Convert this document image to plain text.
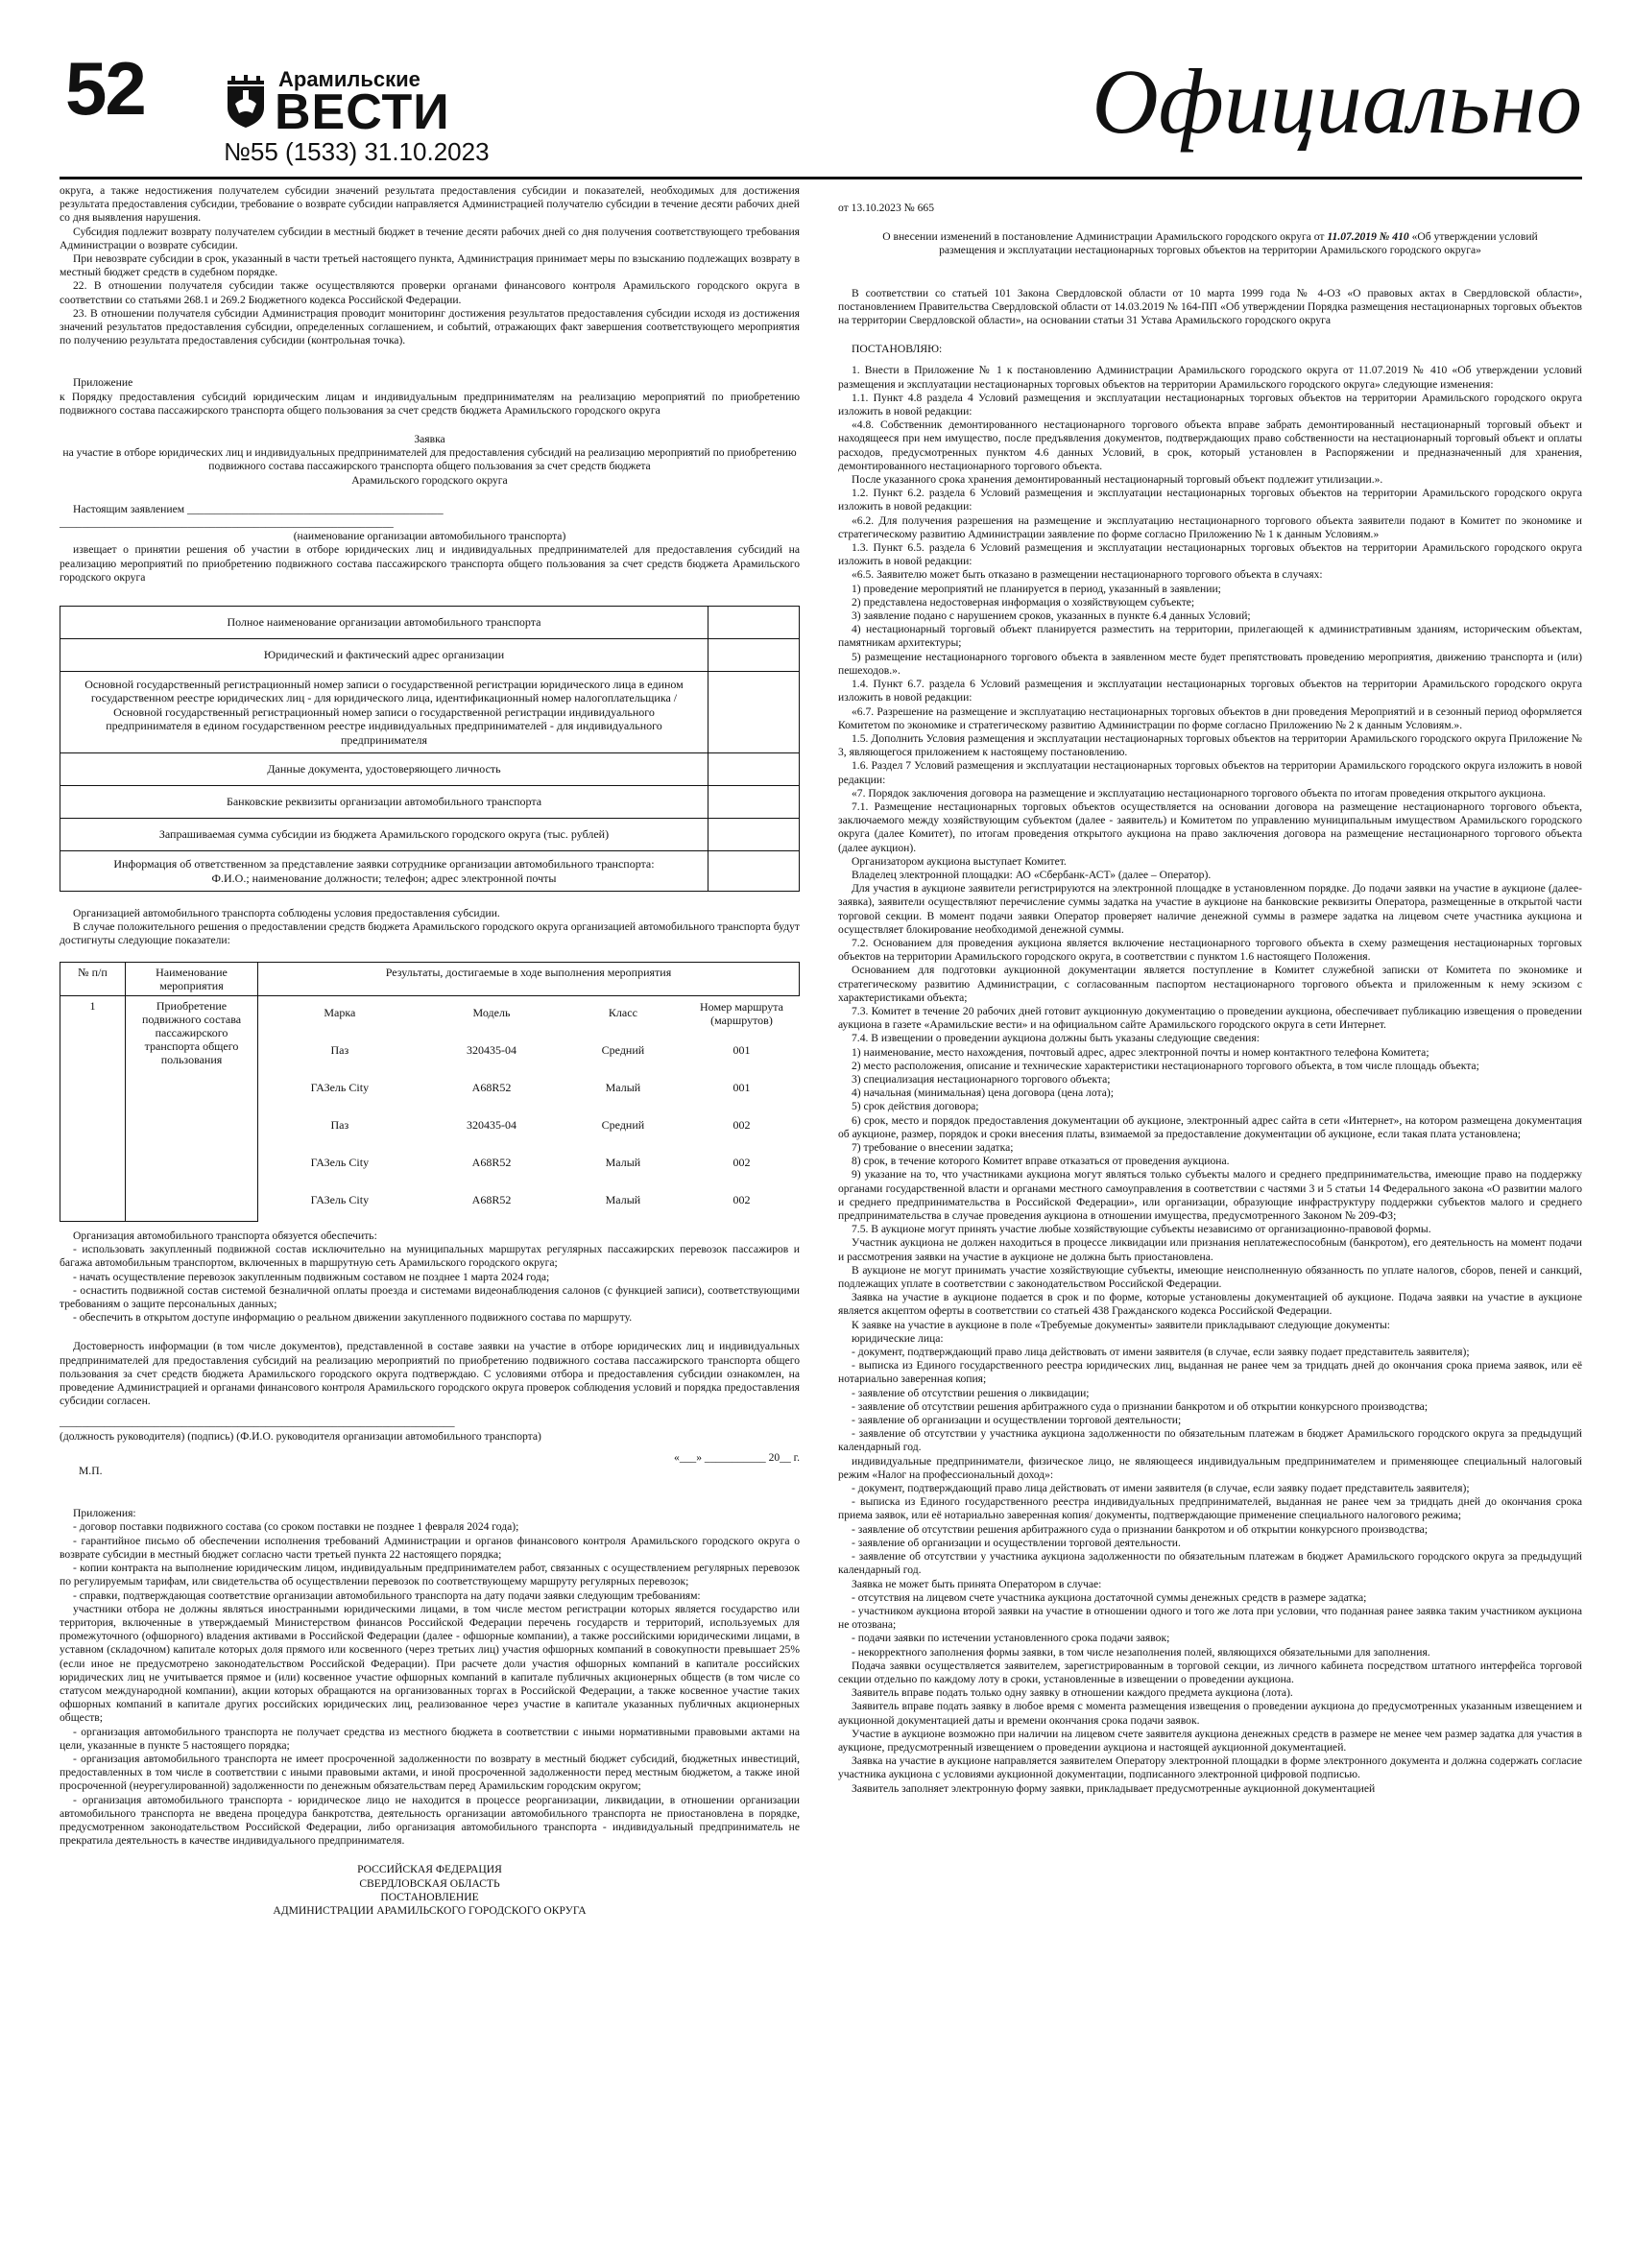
52	Арамильские
ВЕСТИ
№55 (1533) 31.10.2023	Официально

округа, а также недостижения получателем субсидии значений результата предоставления субсидии и показателей, необходимых для достижения результата предоставления субсидии, требование о возврате субсидии направляется Администрацией получателю субсидии в течение десяти рабочих дней со дня выявления нарушения.

Субсидия подлежит возврату получателем субсидии в местный бюджет в течение десяти рабочих дней со дня получения соответствующего требования Администрации о возврате субсидии.

При невозврате субсидии в срок, указанный в части третьей настоящего пункта, Администрация принимает меры по взысканию подлежащих возврату в местный бюджет средств в судебном порядке.

22. В отношении получателя субсидии также осуществляются проверки органами финансового контроля Арамильского городского округа в соответствии со статьями 268.1 и 269.2 Бюджетного кодекса Российской Федерации.

23. В отношении получателя субсидии Администрация проводит мониторинг достижения результатов предоставления субсидии исходя из достижения значений результатов предоставления субсидии, определенных соглашением, и событий, отражающих факт завершения соответствующего мероприятия по получению результата предоставления субсидии (контрольная точка).

Приложение
к Порядку предоставления субсидий юридическим лицам и индивидуальным предпринимателям на реализацию мероприятий по приобретению подвижного состава пассажирского транспорта общего пользования за счет средств бюджета Арамильского городского округа

Заявка

на участие в отборе юридических лиц и индивидуальных предпринимателей для предоставления субсидий на реализацию мероприятий по приобретению подвижного состава пассажирского транспорта общего пользования за счет средств бюджета
Арамильского городского округа

Настоящим заявлением ______________________________________________

____________________________________________________________

(наименование организации автомобильного транспорта)

извещает о принятии решения об участии в отборе юридических лиц и индивидуальных предпринимателей для предоставления субсидий на реализацию мероприятий по приобретению подвижного состава пассажирского транспорта общего пользования за счет средств бюджета Арамильского городского округа

Полное наименование организации автомобильного транспорта	
Юридический и фактический адрес организации	
Основной государственный регистрационный номер записи о государственной регистрации юридического лица в едином государственном реестре юридических лиц - для юридического лица, идентификационный номер налогоплательщика / Основной государственный регистрационный номер записи о государственной регистрации индивидуального предпринимателя в едином государственном реестре индивидуальных предпринимателей - для индивидуального предпринимателя	
Данные документа, удостоверяющего личность	
Банковские реквизиты организации автомобильного транспорта	
Запрашиваемая сумма субсидии из бюджета Арамильского городского округа (тыс. рублей)	
Информация об ответственном за представление заявки сотруднике организации автомобильного транспорта:
Ф.И.О.; наименование должности; телефон; адрес электронной почты	

Организацией автомобильного транспорта соблюдены условия предоставления субсидии.

В случае положительного решения о предоставлении средств бюджета Арамильского городского округа организацией автомобильного транспорта будут достигнуты следующие показатели:

№ п/п	Наименование мероприятия	Результаты, достигаемые в ходе выполнения мероприятия			
1	Приобретение подвижного состава пассажирского транспорта общего пользования	Марка	Модель	Класс	Номер маршрута (маршрутов)
		Паз	320435-04	Средний	001
		ГАЗель City	A68R52	Малый	001
		Паз	320435-04	Средний	002
		ГАЗель City	A68R52	Малый	002
		ГАЗель City	A68R52	Малый	002

Организация автомобильного транспорта обязуется обеспечить:

- использовать закупленный подвижной состав исключительно на муниципальных маршрутах регулярных пассажирских перевозок пассажиров и багажа автомобильным транспортом, включенных в maршрутную сеть Арамильского городского округа;

- начать осуществление перевозок закупленным подвижным составом не позднее 1 марта 2024 года;

- оснастить подвижной состав системой безналичной оплаты проезда и системами видеонаблюдения салонов (с функцией записи), соответствующими требованиям о защите персональных данных;

- обеспечить в открытом доступе информацию о реальном движении закупленного подвижного состава по маршруту.

Достоверность информации (в том числе документов), представленной в составе заявки на участие в отборе юридических лиц и индивидуальных предпринимателей для предоставления субсидий на реализацию мероприятий по приобретению подвижного состава пассажирского транспорта общего пользования за счет средств бюджета Арамильского городского округа подтверждаю. С условиями отбора и предоставления субсидии ознакомлен, на проведение Администрацией и органами финансового контроля Арамильского городского округа проверок соблюдения условий и порядка предоставления субсидии согласен.

_______________________________________________________________________

(должность руководителя) (подпись) (Ф.И.О. руководителя организации автомобильного транспорта)

«___» ___________ 20__ г.

М.П.

Приложения:

- договор поставки подвижного состава (со сроком поставки не позднее 1 февраля 2024 года);

- гарантийное письмо об обеспечении исполнения требований Администрации и органов финансового контроля Арамильского городского округа о возврате субсидии в местный бюджет согласно части третьей пункта 22 настоящего порядка;

- копии контракта на выполнение юридическим лицом, индивидуальным предпринимателем работ, связанных с осуществлением регулярных перевозок по регулируемым тарифам, или свидетельства об осуществлении перевозок по соответствующему маршруту регулярных перевозок;

- справки, подтверждающая соответствие организации автомобильного транспорта на дату подачи заявки следующим требованиям:

участники отбора не должны являться иностранными юридическими лицами, в том числе местом регистрации которых является государство или территория, включенные в утверждаемый Министерством финансов Российской Федерации перечень государств и территорий, используемых для промежуточного (офшорного) владения активами в Российской Федерации (далее - офшорные компании), а также российскими юридическими лицами, в уставном (складочном) капитале которых доля прямого или косвенного (через третьих лиц) участия офшорных компаний в совокупности превышает 25% (если иное не предусмотрено законодательством Российской Федерации). При расчете доли участия офшорных компаний в капитале российских юридических лиц не учитывается прямое и (или) косвенное участие офшорных компаний в капитале публичных акционерных обществ (в том числе со статусом международной компании), акции которых обращаются на организованных торгах в Российской Федерации, а также косвенное участие таких офшорных компаний в капитале других российских юридических лиц, реализованное через участие в капитале указанных публичных акционерных обществ;

- организация автомобильного транспорта не получает средства из местного бюджета в соответствии с иными нормативными правовыми актами на цели, указанные в пункте 5 настоящего порядка;

- организация автомобильного транспорта не имеет просроченной задолженности по возврату в местный бюджет субсидий, бюджетных инвестиций, предоставленных в том числе в соответствии с иными правовыми актами, и иной просроченной задолженности перед местным бюджетом, а также иной просроченной (неурегулированной) задолженности по денежным обязательствам перед Арамильским городским округом;

- организация автомобильного транспорта - юридическое лицо не находится в процессе реорганизации, ликвидации, в отношении организации автомобильного транспорта не введена процедура банкротства, деятельность организации автомобильного транспорта не приостановлена в порядке, предусмотренном законодательством Российской Федерации, либо организация автомобильного транспорта - индивидуальный предприниматель не прекратила деятельность в качестве индивидуального предпринимателя.

РОССИЙСКАЯ ФЕДЕРАЦИЯ

СВЕРДЛОВСКАЯ ОБЛАСТЬ

ПОСТАНОВЛЕНИЕ

АДМИНИСТРАЦИИ АРАМИЛЬСКОГО ГОРОДСКОГО ОКРУГА

от 13.10.2023 № 665

О внесении изменений в постановление Администрации Арамильского городского округа от 11.07.2019 № 410 «Об утверждении условий размещения и эксплуатации нестационарных торговых объектов на территории Арамильского городского округа»

В соответствии со статьей 101 Закона Свердловской области от 10 марта 1999 года № 4-ОЗ «О правовых актах в Свердловской области», постановлением Правительства Свердловской области от 14.03.2019 № 164-ПП «Об утверждении Порядка размещения нестационарных торговых объектов на территории Свердловской области», на основании статьи 31 Устава Арамильского городского округа

ПОСТАНОВЛЯЮ:

1. Внести в Приложение № 1 к постановлению Администрации Арамильского городского округа от 11.07.2019 № 410 «Об утверждении условий размещения и эксплуатации нестационарных торговых объектов на территории Арамильского городского округа» следующие изменения:

1.1. Пункт 4.8 раздела 4 Условий размещения и эксплуатации нестационарных торговых объектов на территории Арамильского городского округа изложить в новой редакции:

«4.8. Собственник демонтированного нестационарного торгового объекта вправе забрать демонтированный нестационарный торговый объект и находящееся при нем имущество, после предъявления документов, подтверждающих право собственности на нестационарный торговый объект и оплаты расходов, предусмотренных пунктом 4.6 данных Условий, в срок, который установлен в Распоряжении и предназначенный для хранения, демонтированного нестационарного торгового объекта.

После указанного срока хранения демонтированный нестационарный торговый объект подлежит утилизации.».

1.2. Пункт 6.2. раздела 6 Условий размещения и эксплуатации нестационарных торговых объектов на территории Арамильского городского округа изложить в новой редакции:

«6.2. Для получения разрешения на размещение и эксплуатацию нестационарного торгового объекта заявители подают в Комитет по экономике и стратегическому развитию Администрации заявление по форме согласно Приложению № 1 к данным Условиям.»

1.3. Пункт 6.5. раздела 6 Условий размещения и эксплуатации нестационарных торговых объектов на территории Арамильского городского округа изложить в новой редакции:

«6.5. Заявителю может быть отказано в размещении нестационарного торгового объекта в случаях:

1) проведение мероприятий не планируется в период, указанный в заявлении;

2) представлена недостоверная информация о хозяйствующем субъекте;

3) заявление подано с нарушением сроков, указанных в пункте 6.4 данных Условий;

4) нестационарный торговый объект планируется разместить на территории, прилегающей к административным зданиям, историческим объектам, памятникам архитектуры;

5) размещение нестационарного торгового объекта в заявленном месте будет препятствовать проведению мероприятия, движению транспорта и (или) пешеходов.».

1.4. Пункт 6.7. раздела 6 Условий размещения и эксплуатации нестационарных торговых объектов на территории Арамильского городского округа изложить в новой редакции:

«6.7. Разрешение на размещение и эксплуатацию нестационарных торговых объектов в дни проведения Мероприятий и в сезонный период оформляется Комитетом по экономике и стратегическому развитию Администрации по форме согласно Приложению № 2 к данным Условиям.».

1.5. Дополнить Условия размещения и эксплуатации нестационарных торговых объектов на территории Арамильского городского округа Приложение № 3, являющегося приложением к настоящему постановлению.

1.6. Раздел 7 Условий размещения и эксплуатации нестационарных торговых объектов на территории Арамильского городского округа изложить в новой редакции:

«7. Порядок заключения договора на размещение и эксплуатацию нестационарного торгового объекта по итогам проведения открытого аукциона.

7.1. Размещение нестационарных торговых объектов осуществляется на основании договора на размещение нестационарного торгового объекта, заключаемого между хозяйствующим субъектом (далее - заявитель) и Комитетом по управлению муниципальным имуществом Арамильского городского округа (далее Комитет), по итогам проведения открытого аукциона на право заключения договора на размещение нестационарного торгового объекта (далее аукцион).

Организатором аукциона выступает Комитет.

Владелец электронной площадки: АО «Сбербанк-АСТ» (далее – Оператор).

Для участия в аукционе заявители регистрируются на электронной площадке в установленном порядке. До подачи заявки на участие в аукционе (далее-заявка), заявители осуществляют перечисление суммы задатка на участие в аукционе на банковские реквизиты Оператора, размещенные в открытой части торговой секции. В момент подачи заявки Оператор проверяет наличие денежной суммы в размере задатка на лицевом счете участника аукциона и осуществляет блокирование необходимой денежной суммы.

7.2. Основанием для проведения аукциона является включение нестационарного торгового объекта в схему размещения нестационарных торговых объектов на территории Арамильского городского округа, в соответствии с пунктом 1.6 настоящего Положения.

Основанием для подготовки аукционной документации является поступление в Комитет служебной записки от Комитета по экономике и стратегическому развитию Администрации, с согласованным паспортом нестационарного торгового объекта и приложенным к нему эскизом с характеристиками объекта;

7.3. Комитет в течение 20 рабочих дней готовит аукционную документацию о проведении аукциона, обеспечивает публикацию извещения о проведении аукциона в газете «Арамильские вести» и на официальном сайте Арамильского городского округа в сети Интернет.

7.4. В извещении о проведении аукциона должны быть указаны следующие сведения:

1) наименование, место нахождения, почтовый адрес, адрес электронной почты и номер контактного телефона Комитета;

2) место расположения, описание и технические характеристики нестационарного торгового объекта, в том числе площадь объекта;

3) специализация нестационарного торгового объекта;

4) начальная (минимальная) цена договора (цена лота);

5) срок действия договора;

6) срок, место и порядок предоставления документации об аукционе, электронный адрес сайта в сети «Интернет», на котором размещена документация об аукционе, размер, порядок и сроки внесения платы, взимаемой за предоставление документации об аукционе, если такая плата установлена;

7) требование о внесении задатка;

8) срок, в течение которого Комитет вправе отказаться от проведения аукциона.

9) указание на то, что участниками аукциона могут являться только субъекты малого и среднего предпринимательства, имеющие право на поддержку органами государственной власти и органами местного самоуправления в соответствии с частями 3 и 5 статьи 14 Федерального закона «О развитии малого и среднего предпринимательства в Российской Федерации», или организации, образующие инфраструктуру поддержки субъектов малого и среднего предпринимательства в случае проведения аукциона в отношении имущества, предусмотренного Законом № 209-ФЗ;

7.5. В аукционе могут принять участие любые хозяйствующие субъекты независимо от организационно-правовой формы.

Участник аукциона не должен находиться в процессе ликвидации или признания неплатежеспособным (банкротом), его деятельность на момент подачи и рассмотрения заявки на участие в аукционе не должна быть приостановлена.

В аукционе не могут принимать участие хозяйствующие субъекты, имеющие неисполненную обязанность по уплате налогов, сборов, пеней и санкций, подлежащих уплате в соответствии с законодательством Российской Федерации.

Заявка на участие в аукционе подается в срок и по форме, которые установлены документацией об аукционе. Подача заявки на участие в аукционе является акцептом оферты в соответствии со статьей 438 Гражданского кодекса Российской Федерации.

К заявке на участие в аукционе в поле «Требуемые документы» заявители прикладывают следующие документы:

юридические лица:

- документ, подтверждающий право лица действовать от имени заявителя (в случае, если заявку подает представитель заявителя);

- выписка из Единого государственного реестра юридических лиц, выданная не ранее чем за тридцать дней до окончания срока приема заявок, или её нотариально заверенная копия;

- заявление об отсутствии решения о ликвидации;

- заявление об отсутствии решения арбитражного суда о признании банкротом и об открытии конкурсного производства;

- заявление об организации и осуществлении торговой деятельности;

- заявление об отсутствии у участника аукциона задолженности по обязательным платежам в бюджет Арамильского городского округа за предыдущий календарный год.

индивидуальные предприниматели, физическое лицо, не являющееся индивидуальным предпринимателем и применяющее специальный налоговый режим «Налог на профессиональный доход»:

- документ, подтверждающий право лица действовать от имени заявителя (в случае, если заявку подает представитель заявителя);

- выписка из Единого государственного реестра индивидуальных предпринимателей, выданная не ранее чем за тридцать дней до окончания срока приема заявок, или её нотариально заверенная копия/ документы, подтверждающие применение специального налогового режима;

- заявление об отсутствии решения арбитражного суда о признании банкротом и об открытии конкурсного производства;

- заявление об организации и осуществлении торговой деятельности.

- заявление об отсутствии у участника аукциона задолженности по обязательным платежам в бюджет Арамильского городского округа за предыдущий календарный год.

Заявка не может быть принята Оператором в случае:

- отсутствия на лицевом счете участника аукциона достаточной суммы денежных средств в размере задатка;

- участником аукциона второй заявки на участие в отношении одного и того же лота при условии, что поданная ранее заявка таким участником аукциона не отозвана;

- подачи заявки по истечении установленного срока подачи заявок;

- некорректного заполнения формы заявки, в том числе незаполнения полей, являющихся обязательными для заполнения.

Подача заявки осуществляется заявителем, зарегистрированным в торговой секции, из личного кабинета посредством штатного интерфейса торговой секции отдельно по каждому лоту в сроки, установленные в извещении о проведении аукциона.

Заявитель вправе подать только одну заявку в отношении каждого предмета аукциона (лота).

Заявитель вправе подать заявку в любое время с момента размещения извещения о проведении аукциона до предусмотренных указанным извещением и аукционной документацией даты и времени окончания срока подачи заявок.

Участие в аукционе возможно при наличии на лицевом счете заявителя аукциона денежных средств в размере не менее чем размер задатка для участия в аукционе, предусмотренный извещением о проведении аукциона и настоящей аукционной документацией.

Заявка на участие в аукционе направляется заявителем Оператору электронной площадки в форме электронного документа и должна содержать согласие участника аукциона с условиями аукционной документации, подписанного электронной цифровой подписью.

Заявитель заполняет электронную форму заявки, прикладывает предусмотренные аукционной документацией
